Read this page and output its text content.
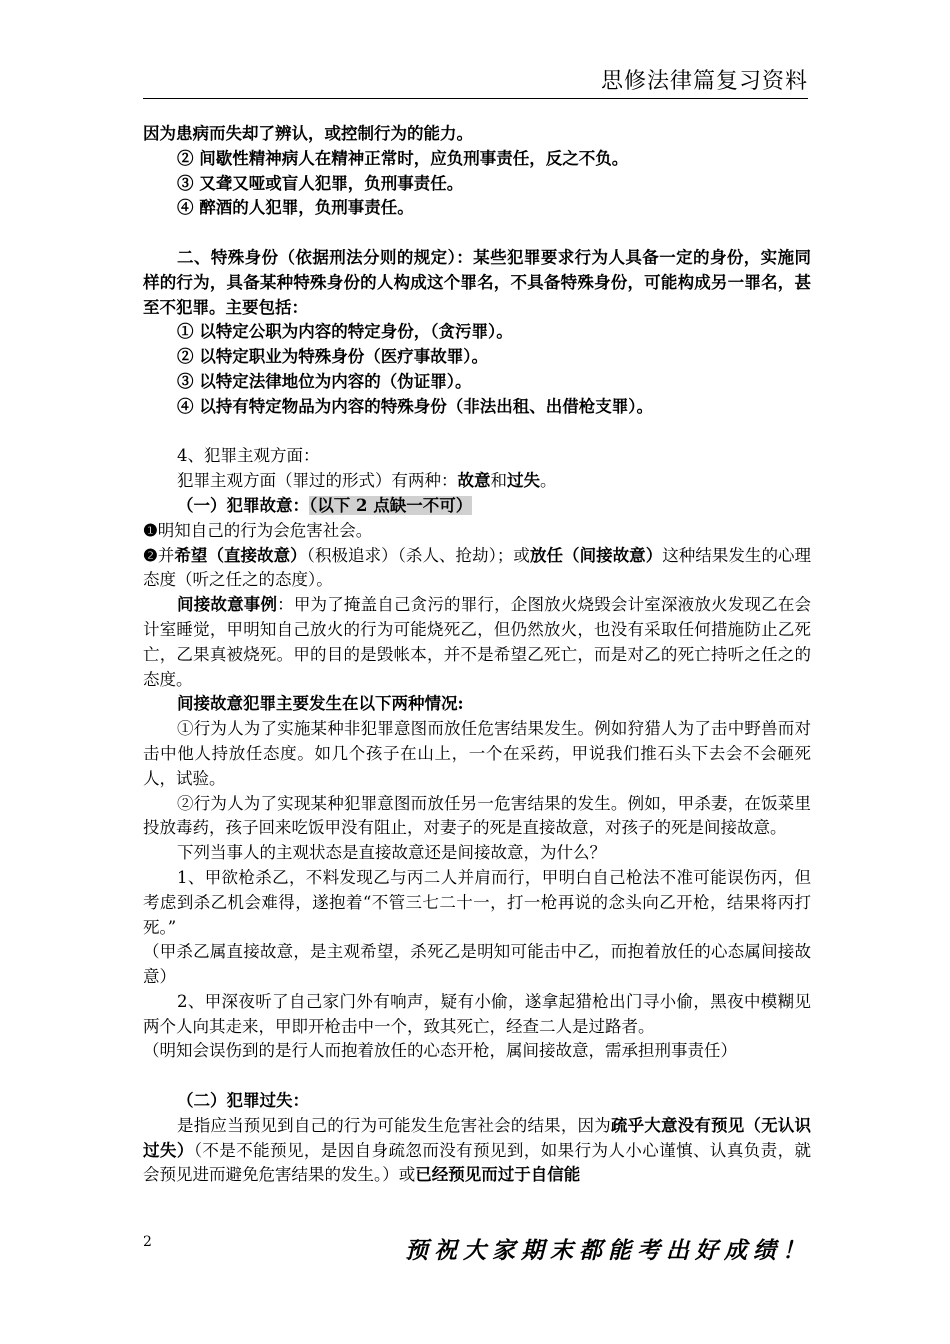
思修法律篇复习资料

因为患病而失却了辨认，或控制行为的能力。

② 间歇性精神病人在精神正常时，应负刑事责任，反之不负。

③ 又聋又哑或盲人犯罪，负刑事责任。

④ 醉酒的人犯罪，负刑事责任。

二、特殊身份（依据刑法分则的规定）：某些犯罪要求行为人具备一定的身份，实施同样的行为，具备某种特殊身份的人构成这个罪名，不具备特殊身份，可能构成另一罪名，甚至不犯罪。主要包括：

① 以特定公职为内容的特定身份，（贪污罪）。

② 以特定职业为特殊身份（医疗事故罪）。

③ 以特定法律地位为内容的（伪证罪）。

④ 以持有特定物品为内容的特殊身份（非法出租、出借枪支罪）。

4、犯罪主观方面：

犯罪主观方面（罪过的形式）有两种：故意和过失。

（一）犯罪故意：（以下 2 点缺一不可）

❶明知自己的行为会危害社会。

❷并希望（直接故意）（积极追求）（杀人、抢劫）；或放任（间接故意）这种结果发生的心理态度（听之任之的态度）。

间接故意事例：甲为了掩盖自己贪污的罪行，企图放火烧毁会计室深液放火发现乙在会计室睡觉，甲明知自己放火的行为可能烧死乙，但仍然放火，也没有采取任何措施防止乙死亡，乙果真被烧死。甲的目的是毁帐本，并不是希望乙死亡，而是对乙的死亡持听之任之的态度。

间接故意犯罪主要发生在以下两种情况:

①行为人为了实施某种非犯罪意图而放任危害结果发生。例如狩猎人为了击中野兽而对击中他人持放任态度。如几个孩子在山上，一个在采药，甲说我们推石头下去会不会砸死人，试验。

②行为人为了实现某种犯罪意图而放任另一危害结果的发生。例如，甲杀妻，在饭菜里投放毒药，孩子回来吃饭甲没有阻止，对妻子的死是直接故意，对孩子的死是间接故意。

下列当事人的主观状态是直接故意还是间接故意，为什么？

1、甲欲枪杀乙，不料发现乙与丙二人并肩而行，甲明白自己枪法不准可能误伤丙，但考虑到杀乙机会难得，遂抱着“不管三七二十一，打一枪再说的念头向乙开枪，结果将丙打死。”

（甲杀乙属直接故意，是主观希望，杀死乙是明知可能击中乙，而抱着放任的心态属间接故意）

2、甲深夜听了自己家门外有响声，疑有小偷，遂拿起猎枪出门寻小偷，黑夜中模糊见两个人向其走来，甲即开枪击中一个，致其死亡，经查二人是过路者。

（明知会误伤到的是行人而抱着放任的心态开枪，属间接故意，需承担刑事责任）

（二）犯罪过失：

是指应当预见到自己的行为可能发生危害社会的结果，因为疏乎大意没有预见（无认识过失）（不是不能预见，是因自身疏忽而没有预见到，如果行为人小心谨慎、认真负责，就会预见进而避免危害结果的发生。）或已经预见而过于自信能

2	预祝大家期末都能考出好成绩！
